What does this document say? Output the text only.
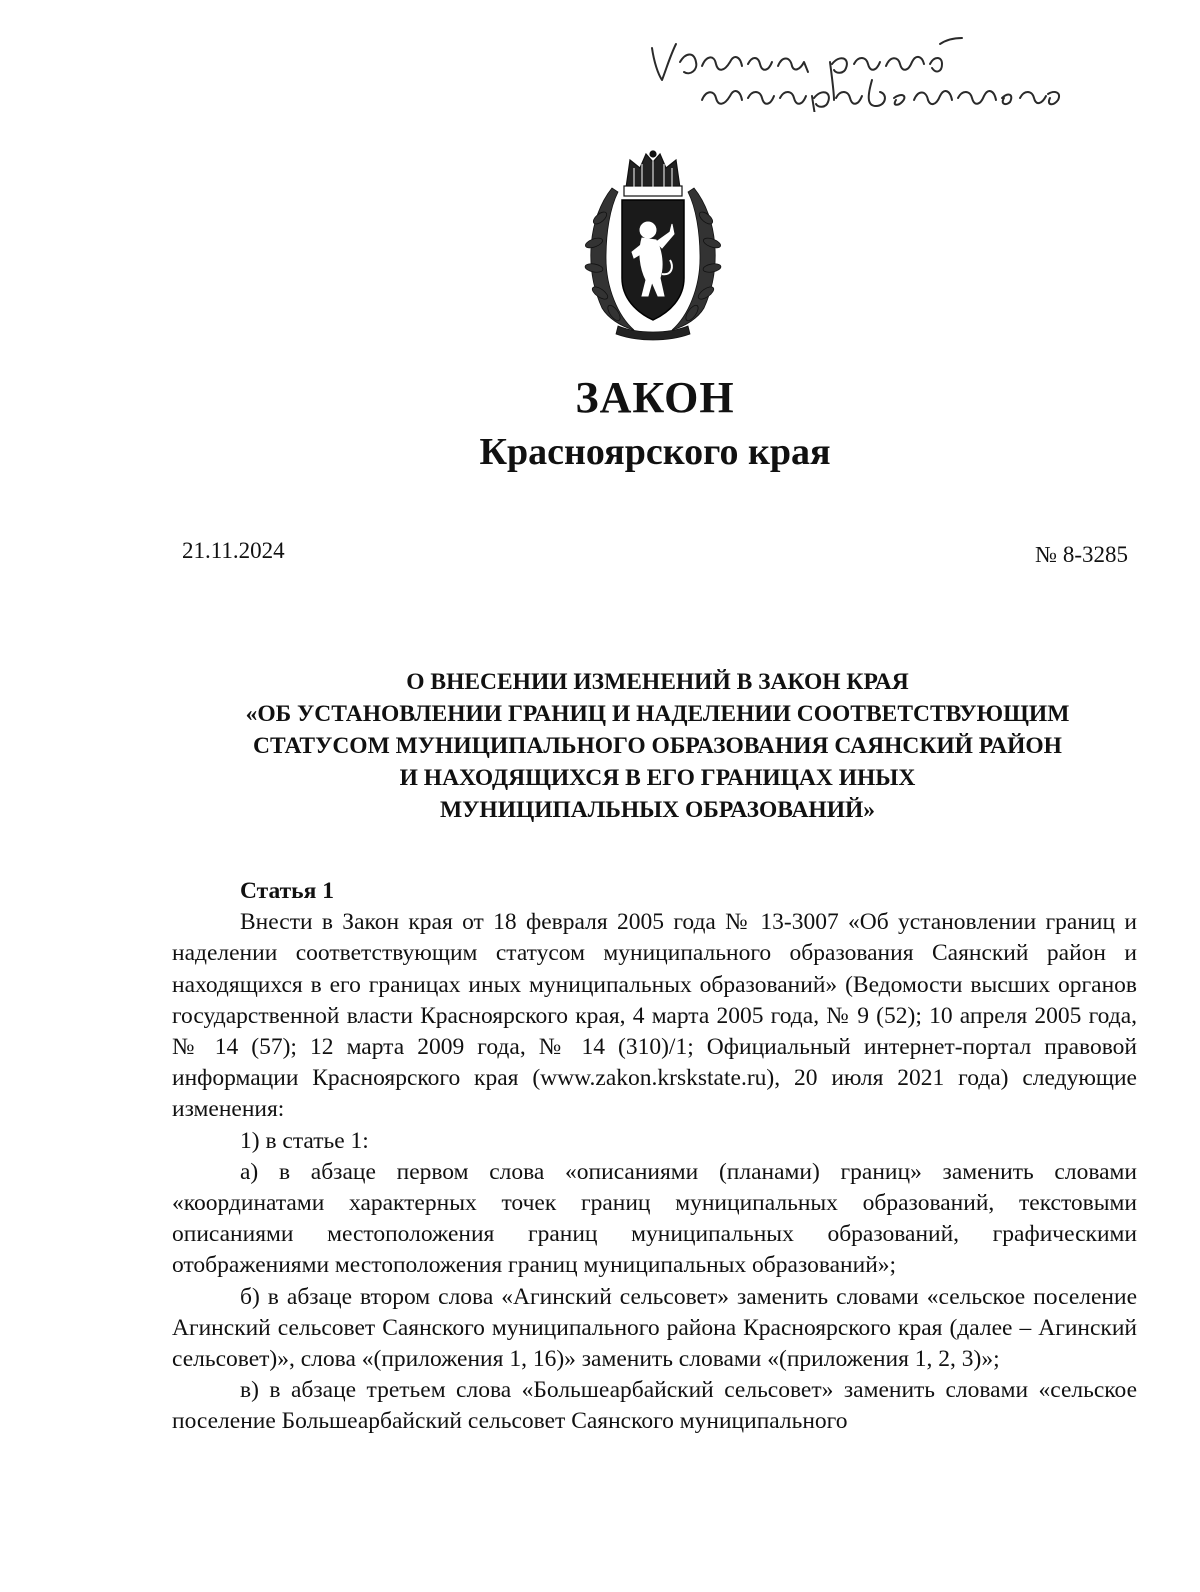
ЗАКОН
Красноярского края
21.11.2024	№ 8-3285
О ВНЕСЕНИИ ИЗМЕНЕНИЙ В ЗАКОН КРАЯ
«ОБ УСТАНОВЛЕНИИ ГРАНИЦ И НАДЕЛЕНИИ СООТВЕТСТВУЮЩИМ
СТАТУСОМ МУНИЦИПАЛЬНОГО ОБРАЗОВАНИЯ САЯНСКИЙ РАЙОН
И НАХОДЯЩИХСЯ В ЕГО ГРАНИЦАХ ИНЫХ
МУНИЦИПАЛЬНЫХ ОБРАЗОВАНИЙ»

Статья 1

Внести в Закон края от 18 февраля 2005 года № 13-3007 «Об установлении границ и наделении соответствующим статусом муниципального образования Саянский район и находящихся в его границах иных муниципальных образований» (Ведомости высших органов государственной власти Красноярского края, 4 марта 2005 года, № 9 (52); 10 апреля 2005 года, № 14 (57); 12 марта 2009 года, № 14 (310)/1; Официальный интернет-портал правовой информации Красноярского края (www.zakon.krskstate.ru), 20 июля 2021 года) следующие изменения:

1) в статье 1:

а) в абзаце первом слова «описаниями (планами) границ» заменить словами «координатами характерных точек границ муниципальных образований, текстовыми описаниями местоположения границ муниципальных образований, графическими отображениями местоположения границ муниципальных образований»;

б) в абзаце втором слова «Агинский сельсовет» заменить словами «сельское поселение Агинский сельсовет Саянского муниципального района Красноярского края (далее – Агинский сельсовет)», слова «(приложения 1, 16)» заменить словами «(приложения 1, 2, 3)»;

в) в абзаце третьем слова «Большеарбайский сельсовет» заменить словами «сельское поселение Большеарбайский сельсовет Саянского муниципального
